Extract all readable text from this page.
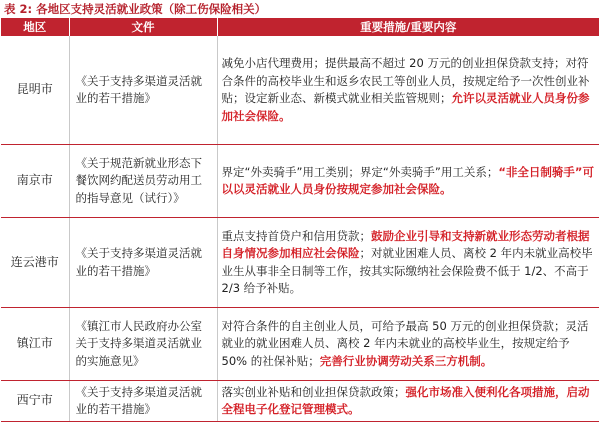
表 2: 各地区支持灵活就业政策（除工伤保险相关）
地区	文件	重要措施/重要内容
昆明市	《关于支持多渠道灵活就业的若干措施》	减免小店代理费用；提供最高不超过 20 万元的创业担保贷款支持；对符合条件的高校毕业生和返乡农民工等创业人员，按规定给予一次性创业补贴；设定新业态、新模式就业相关监管规则；允许以灵活就业人员身份参加社会保险。

南京市	《关于规范新就业形态下餐饮网约配送员劳动用工的指导意见（试行）》	界定“外卖骑手”用工类别；界定“外卖骑手”用工关系；“非全日制骑手”可以以灵活就业人员身份按规定参加社会保险。

连云港市	《关于支持多渠道灵活就业的若干措施》	重点支持首贷户和信用贷款；鼓励企业引导和支持新就业形态劳动者根据自身情况参加相应社会保险；对就业困难人员、离校 2 年内未就业高校毕业生从事非全日制等工作，按其实际缴纳社会保险费不低于 1/2、不高于 2/3 给予补贴。

镇江市	《镇江市人民政府办公室关于支持多渠道灵活就业的实施意见》	对符合条件的自主创业人员，可给予最高 50 万元的创业担保贷款；灵活就业的就业困难人员、离校 2 年内未就业的高校毕业生，按规定给予 50% 的社保补贴；完善行业协调劳动关系三方机制。

西宁市	《关于支持多渠道灵活就业的若干措施》	落实创业补贴和创业担保贷款政策；强化市场准入便利化各项措施，启动全程电子化登记管理模式。
